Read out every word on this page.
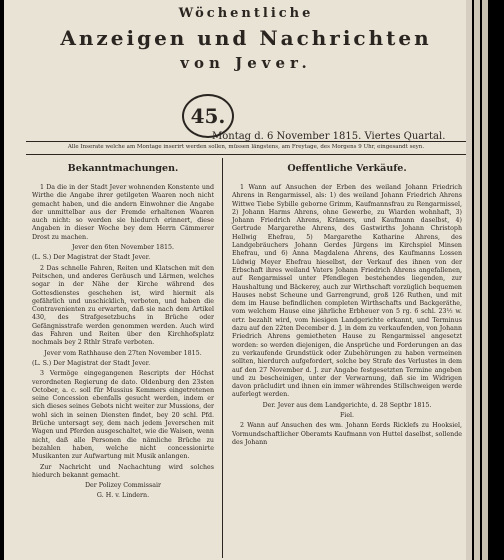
Wöchentliche
Anzeigen und Nachrichten
von Jever.
45.
Montag d. 6 November 1815. Viertes Quartal.
Alle Inserate welche am Montage inserirt werden sollen, müssen längstens, am Freytage, des Morgens 9 Uhr, eingesandt seyn.
Bekanntmachungen.

1 Da die in der Stadt Jever wohnenden Konstente und Wirthe die Angabe ihrer getilgeten Waaren noch nicht gemacht haben, und die andern Einwohner die Angabe der unmittelbar aus der Fremde erhaltenen Waaren auch nicht: so werden sie hiedurch erinnert, diese Angaben in dieser Woche bey dem Herrn Cämmerer Drost zu machen.

Jever den 6ten November 1815.

(L. S.) Der Magistrat der Stadt Jever.

2 Das schnelle Fahren, Reiten und Klatschen mit den Peitschen, und anderes Geräusch und Lärmen, welches sogar in der Nähe der Kirche während des Gottesdienstes geschehen ist, wird hiermit als gefährlich und unschicklich, verboten, und haben die Contravenienten zu erwarten, daß sie nach dem Artikel 430, des Strafgesetzbuchs in Brüche oder Gefängnisstrafe werden genommen werden. Auch wird das Fahren und Reiten über den Kirchhofsplatz nochmals bey 2 Rthlr Strafe verboten.

Jever vom Rathhause den 27ten November 1815.

(L. S.) Der Magistrat der Stadt Jever.

3 Vermöge eingegangenen Rescripts der Höchst verordneten Regierung de dato. Oldenburg den 23sten October, a. c. soll für Mussius Kemmers eingetretenen seine Concession ebenfalls gesucht werden, indem er sich dieses seines Gebots nicht weiter zur Mussions, der wohl sich in seinen Diensten findet, bey 20 schl. Pfd. Brüche untersagt sey, dem nach jedem Jeverschen mit Wagen und Pferden ausgeschaltet, wie die Waisen, wenn nicht, daß alle Personen die nämliche Brüche zu bezahlen haben, welche nicht concessionirte Musikanten zur Aufwartung mit Musik anlangen.

Zur Nachricht und Nachachtung wird solches hiedurch bekannt gemacht.

Der Polizey Commissair

G. H. v. Lindern.

Oeffentliche Verkäufe.

1 Wann auf Ansuchen der Erben des weiland Johann Friedrich Ahrens in Rengarmissel, als: 1) des weiland Johann Friedrich Ahrens Wittwe Tiebe Sybille geborne Grimm, Kaufmannsfrau zu Rengarmissel, 2) Johann Harms Ahrens, ohne Gewerbe, zu Wiarden wohnhaft, 3) Johann Friedrich Ahrens, Krämers, und Kaufmann daselbst, 4) Gertrude Margarethe Ahrens, des Gastwirths Johann Christoph Hellwig Ehefrau, 5) Margarethe Katharine Ahrens, des Landgebräuchers Johann Gerdes Jürgens im Kirchspiel Minsen Ehefrau, und 6) Anna Magdalena Ahrens, des Kaufmanns Lossen Lüdwig Meyer Ehefrau hieselbst, der Verkauf des ihnen von der Erbschaft ihres weiland Vaters Johann Friedrich Ahrens angefallenen, auf Rengarmissel unter Pfendlegen bestehendes liegenden, zur Haushaltung und Bäckerey, auch zur Wirthschaft vorzüglich bequemen Hauses nebst Scheune und Garrengrund, groß 126 Ruthen, und mit dem im Hause befindlichen completen Wirthschafts und Backgeräthe, vom welchem Hause eine jährliche Erbheuer von 5 rg. 6 schl. 23½ w. ertr. bezahlt wird, vom hiesigen Landgerichte erkannt, und Terminus dazu auf den 22ten December d. J. in dem zu verkaufenden, von Johann Friedrich Ahrens gemietheten Hause zu Rengarmissel angesetzt worden: so werden diejenigen, die Ansprüche und Forderungen an das zu verkaufende Grundstück oder Zubehörungen zu haben vermeinen sollten, hierdurch aufgefordert, solche bey Strafe des Verlustes in dem auf den 27 November d. J. zur Angabe festgesetzten Termine angeben und zu bescheinigen, unter der Verwarnung, daß sie im Widrigen davon präcludirt und ihnen ein immer währendes Stillschweigen werde auferlegt werden.

Der. Jever aus dem Landgerichte, d. 28 Septbr 1815.

Fiel.

2 Wann auf Ansuchen des wm. Johann Eerds Ricklefs zu Hooksiel, Vormundschaftlicher Oberamts Kaufmann von Huttel daselbst, sollende des Johann
